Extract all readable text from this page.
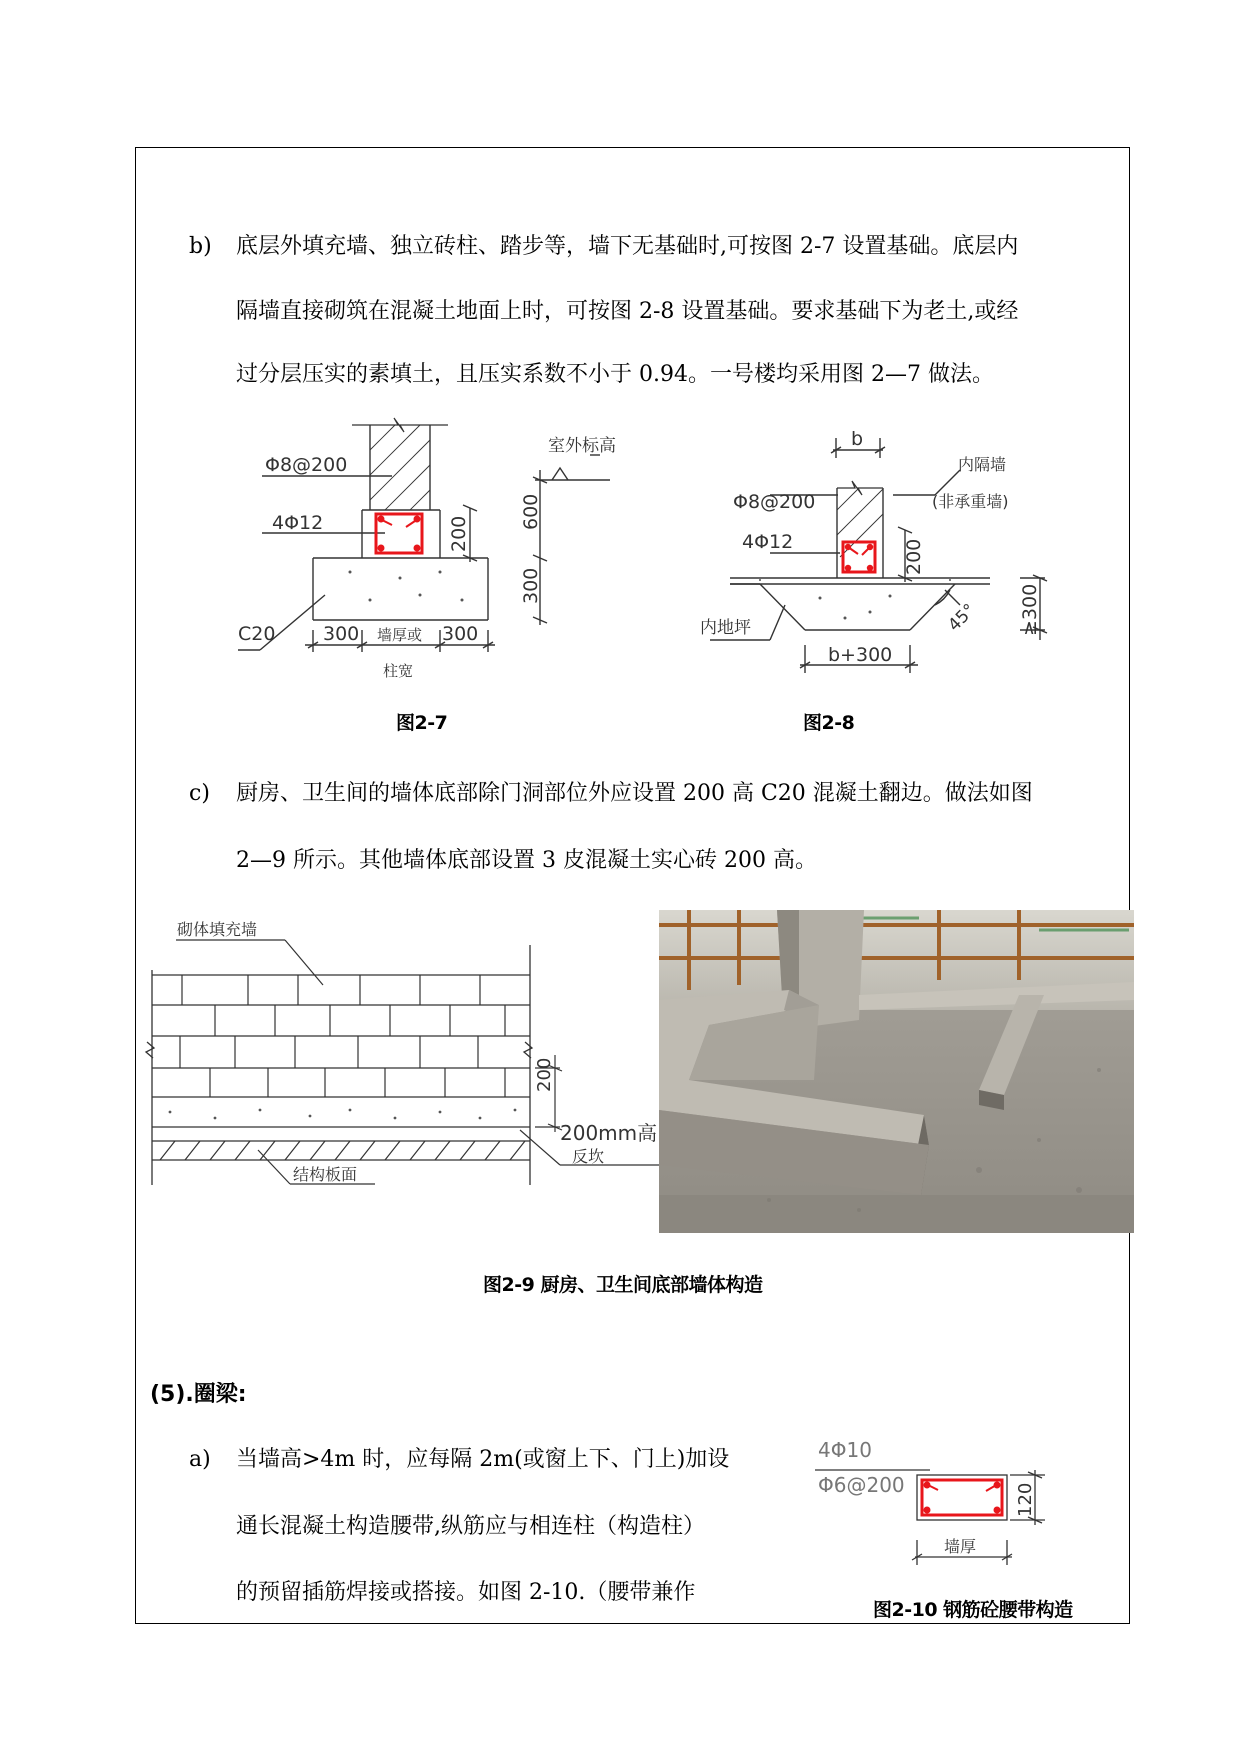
b) 底层外填充墙、独立砖柱、踏步等，墙下无基础时,可按图 2-7 设置基础。底层内
隔墙直接砌筑在混凝土地面上时，可按图 2-8 设置基础。要求基础下为老土,或经
过分层压实的素填土，且压实系数不小于 0.94。一号楼均采用图 2—7 做法。
Φ8@200
4Φ12
室外标高
C20	300	300
墙厚或
柱宽
600
300
200
图2-7
b
内隔墙
(非承重墙)
Φ8@200
4Φ12
内地坪
b+300
45°
200
≥300
图2-8
c) 厨房、卫生间的墙体底部除门洞部位外应设置 200 高 C20 混凝土翻边。做法如图
2—9 所示。其他墙体底部设置 3 皮混凝土实心砖 200 高。
砌体填充墙
结构板面
200mm高
反坎
200
图2-9 厨房、卫生间底部墙体构造
(5).圈梁:
a) 当墙高>4m 时，应每隔 2m(或窗上下、门上)加设
通长混凝土构造腰带,纵筋应与相连柱（构造柱）
的预留插筋焊接或搭接。如图 2-10.（腰带兼作
4Φ10
Φ6@200
墙厚
120
图2-10 钢筋砼腰带构造
